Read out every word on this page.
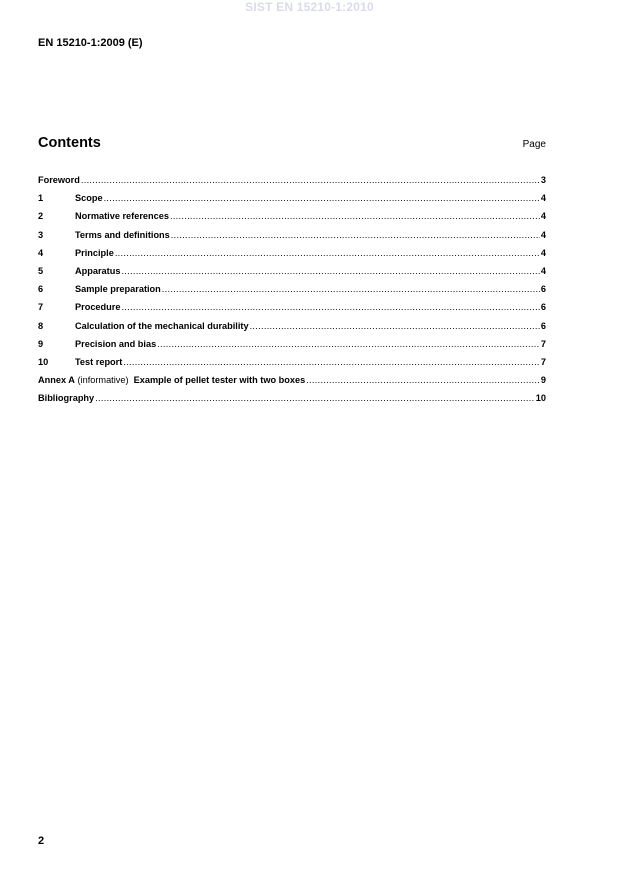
SIST EN 15210-1:2010
EN 15210-1:2009 (E)
Contents	Page
Foreword .....	3
1	Scope .....	4
2	Normative references .....	4
3	Terms and definitions .....	4
4	Principle .....	4
5	Apparatus .....	4
6	Sample preparation .....	6
7	Procedure .....	6
8	Calculation of the mechanical durability .....	6
9	Precision and bias .....	7
10	Test report .....	7
Annex A (informative)  Example of pellet tester with two boxes .....	9
Bibliography .....	10
2
